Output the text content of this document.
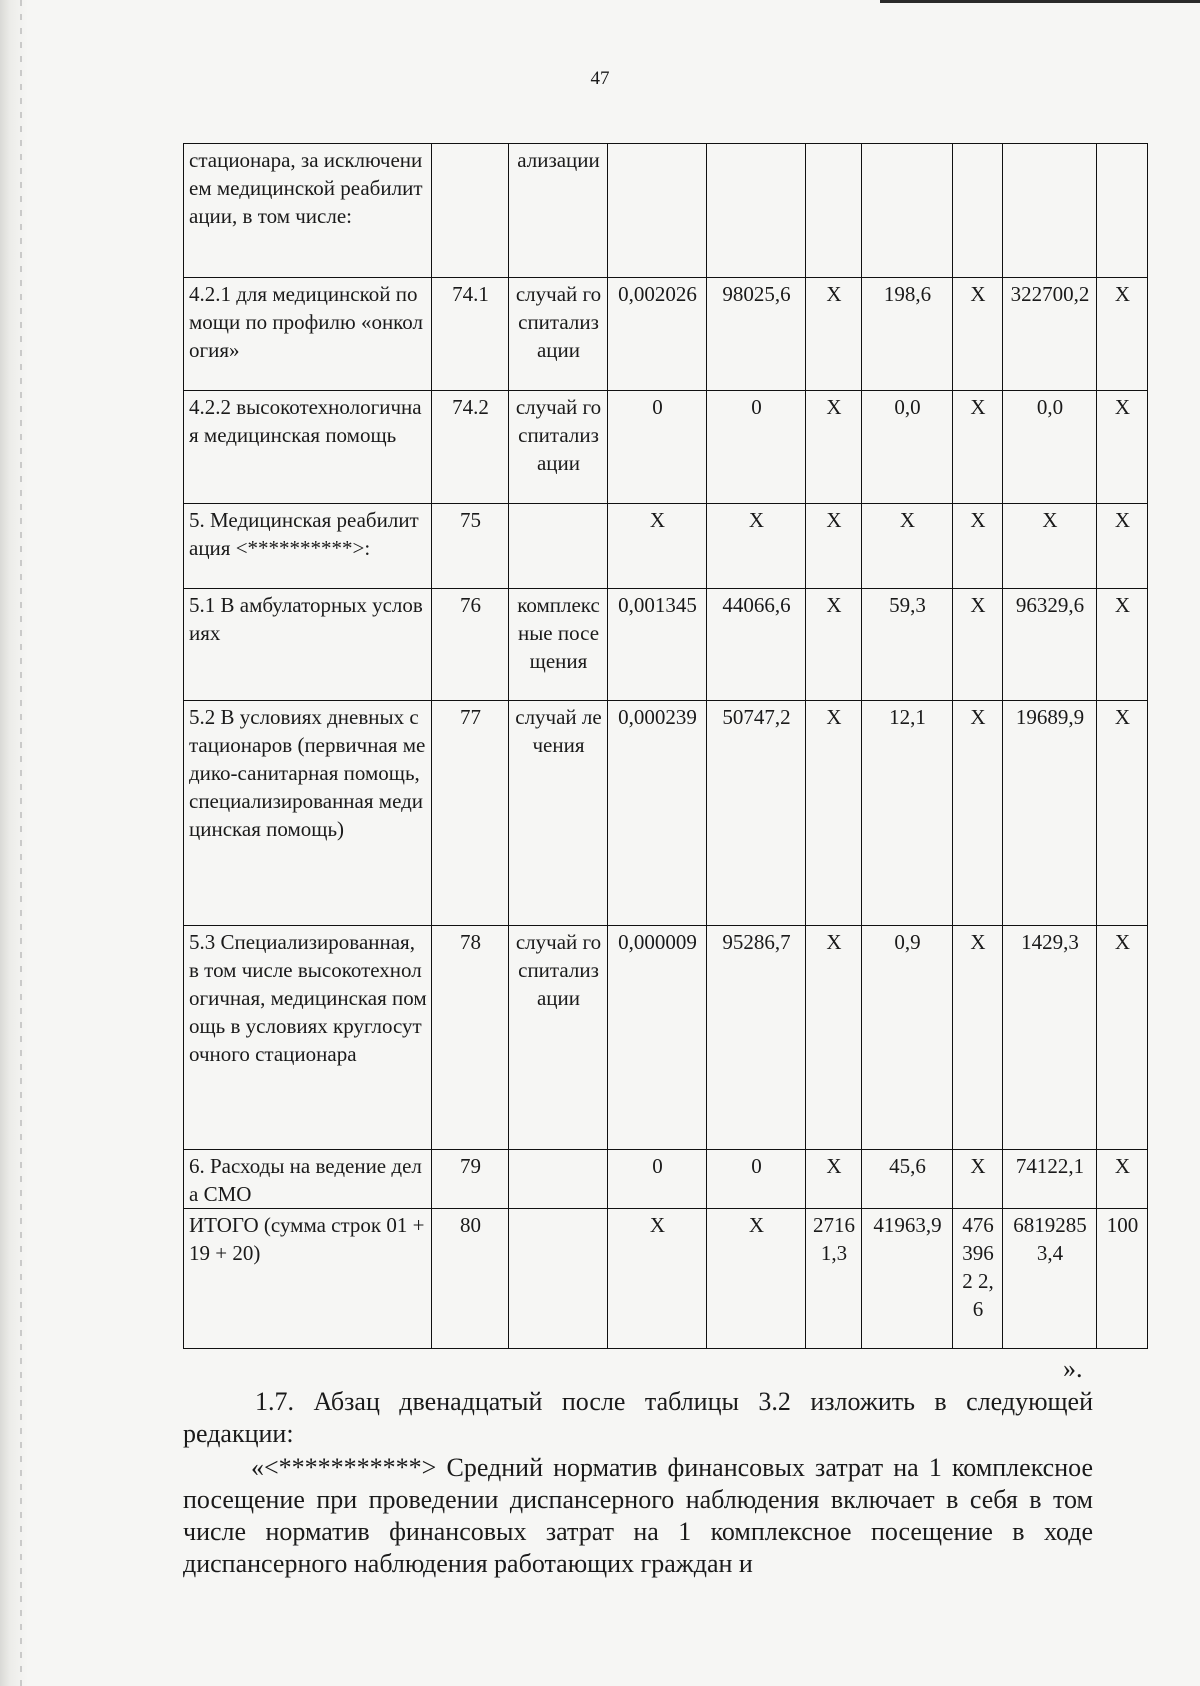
47
стационара, за исключением медицинской реабилитации, в том числе:		ализации							
4.2.1 для медицинской помощи по профилю «онкология»	74.1	случай госпитализации	0,002026	98025,6	X	198,6	X	322700,2	X
4.2.2 высокотехнологичная медицинская помощь	74.2	случай госпитализации	0	0	X	0,0	X	0,0	X
5. Медицинская реабилитация <**********>:	75		X	X	X	X	X	X	X
5.1 В амбулаторных условиях	76	комплексные посещения	0,001345	44066,6	X	59,3	X	96329,6	X
5.2 В условиях дневных стационаров (первичная медико-санитарная помощь, специализированная медицинская помощь)	77	случай лечения	0,000239	50747,2	X	12,1	X	19689,9	X
5.3 Специализированная, в том числе высокотехнологичная, медицинская помощь в условиях круглосуточного стационара	78	случай госпитализации	0,000009	95286,7	X	0,9	X	1429,3	X
6. Расходы на ведение дела СМО	79		0	0	X	45,6	X	74122,1	X
ИТОГО (сумма строк 01 + 19 + 20)	80		X	X	27161,3	41963,9	4763962 2,6	68192853,4	100
».
1.7. Абзац двенадцатый после таблицы 3.2 изложить в следующей редакции:
«<***********> Средний норматив финансовых затрат на 1 комплексное посещение при проведении диспансерного наблюдения включает в себя в том числе норматив финансовых затрат на 1 комплексное посещение в ходе диспансерного наблюдения работающих граждан и
